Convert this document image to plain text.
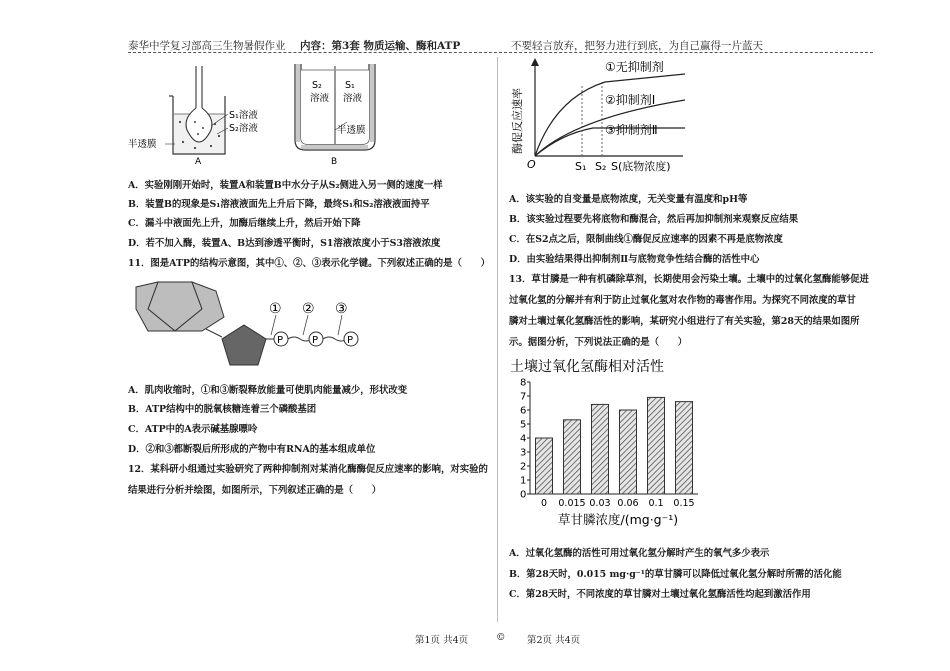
泰华中学复习部高三生物暑假作业 内容：第3套 物质运输、酶和ATP	不要轻言放弃，把努力进行到底，为自己赢得一片蓝天
S₁溶液
S₂溶液
半透膜
A
S₂
溶液
S₁
溶液
半透膜
B
A．实验刚刚开始时，装置A和装置B中水分子从S₂侧进入另一侧的速度一样
B．装置B的现象是S₁溶液液面先上升后下降，最终S₁和S₂溶液液面持平
C．漏斗中液面先上升，加酶后继续上升，然后开始下降
D．若不加入酶，装置A、B达到渗透平衡时，S1溶液浓度小于S3溶液浓度
11．图是ATP的结构示意图，其中①、②、③表示化学键。下列叙述正确的是（　　）
P	P	P
① ② ③
A．肌肉收缩时，①和③断裂释放能量可使肌肉能量减少，形状改变
B．ATP结构中的脱氧核糖连着三个磷酸基团
C．ATP中的A表示碱基腺嘌呤
D．②和③都断裂后所形成的产物中有RNA的基本组成单位
12．某科研小组通过实验研究了两种抑制剂对某消化酶酶促反应速率的影响，对实验的
结果进行分析并绘图，如图所示，下列叙述正确的是（　　）
O
酶促反应速率
S₁ S₂ S(底物浓度)
①无抑制剂
②抑制剂Ⅰ
③抑制剂Ⅱ
A．该实验的自变量是底物浓度，无关变量有温度和pH等
B．该实验过程要先将底物和酶混合，然后再加抑制剂来观察反应结果
C．在S2点之后，限制曲线①酶促反应速率的因素不再是底物浓度
D．由实验结果得出抑制剂Ⅱ与底物竞争性结合酶的活性中心
13．草甘膦是一种有机磷除草剂，长期使用会污染土壤。土壤中的过氧化氢酶能够促进
过氧化氢的分解并有利于防止过氧化氢对农作物的毒害作用。为探究不同浓度的草甘
膦对土壤过氧化氢酶活性的影响，某研究小组进行了有关实验，第28天的结果如图所
示。据图分析，下列说法正确的是（　　）
土壤过氧化氢酶相对活性
0
1
2
3
4
5
6
7
8
0 0.015 0.03 0.06 0.1 0.15
草甘膦浓度/(mg·g⁻¹)
A．过氧化氢酶的活性可用过氧化氢分解时产生的氧气多少表示
B．第28天时，0.015 mg·g⁻¹的草甘膦可以降低过氧化氢分解时所需的活化能
C．第28天时，不同浓度的草甘膦对土壤过氧化氢酶活性均起到激活作用
第1页 共4页	© 第2页 共4页
